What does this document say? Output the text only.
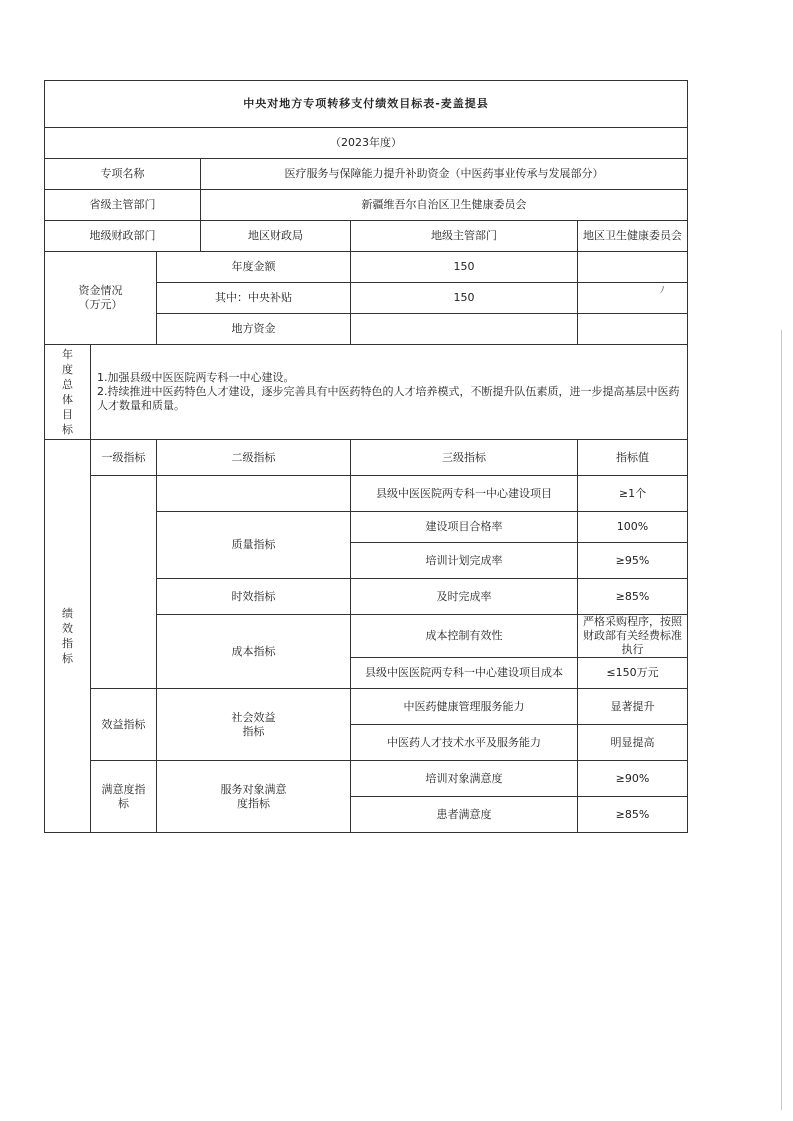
中央对地方专项转移支付绩效目标表-麦盖提县					
（2023年度）					
专项名称			医疗服务与保障能力提升补助资金（中医药事业传承与发展部分）		
省级主管部门			新疆维吾尔自治区卫生健康委员会		
地级财政部门			地区财政局	地级主管部门	地区卫生健康委员会
资金情况
（万元）		年度金额		150	
		其中：中央补贴		150	
		地方资金			

年度总体目标	1.加强县级中医医院两专科一中心建设。
2.持续推进中医药特色人才建设，逐步完善具有中医药特色的人才培养模式，不断提升队伍素质，进一步提高基层中医药人才数量和质量。				

绩效指标	一级指标	二级指标		三级指标	指标值
				县级中医医院两专科一中心建设项目	≥1个
		质量指标		建设项目合格率	100%
				培训计划完成率	≥95%
		时效指标		及时完成率	≥85%
		成本指标		成本控制有效性	严格采购程序，按照财政部有关经费标准执行
				县级中医医院两专科一中心建设项目成本	≤150万元
	效益指标	社会效益指标		中医药健康管理服务能力	显著提升
				中医药人才技术水平及服务能力	明显提高

	满意度指标	服务对象满意度指标		培训对象满意度	≥90%
				患者满意度	≥85%
ﾉ
